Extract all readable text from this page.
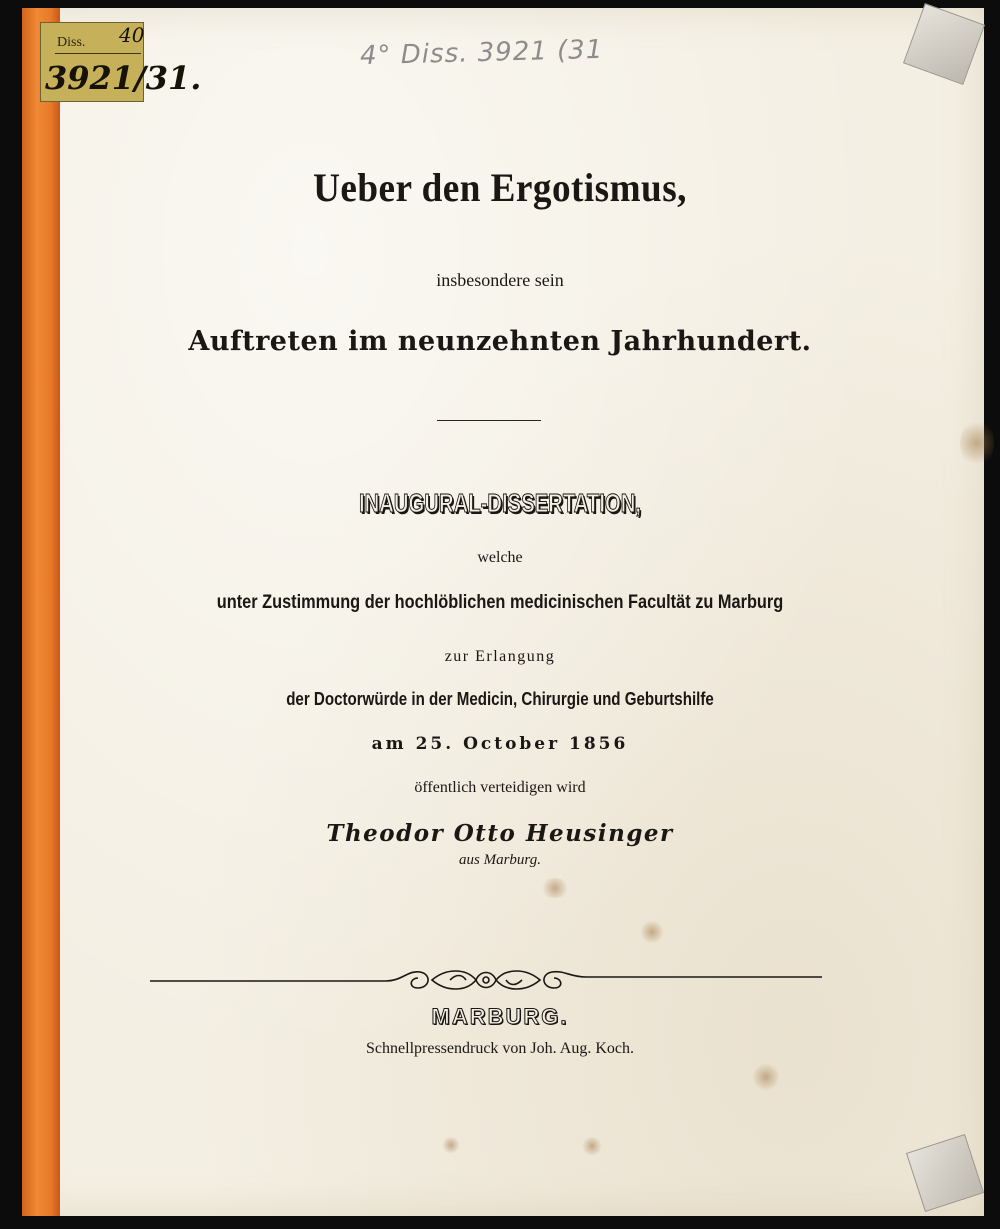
Diss. 40
3921/31.
4° Diss. 3921 (31
Ueber den Ergotismus,
insbesondere sein
Auftreten im neunzehnten Jahrhundert.
INAUGURAL-DISSERTATION,
welche
unter Zustimmung der hochlöblichen medicinischen Facultät zu Marburg
zur Erlangung
der Doctorwürde in der Medicin, Chirurgie und Geburtshilfe
am 25. October 1856
öffentlich verteidigen wird
Theodor Otto Heusinger
aus Marburg.
MARBURG.
Schnellpressendruck von Joh. Aug. Koch.
